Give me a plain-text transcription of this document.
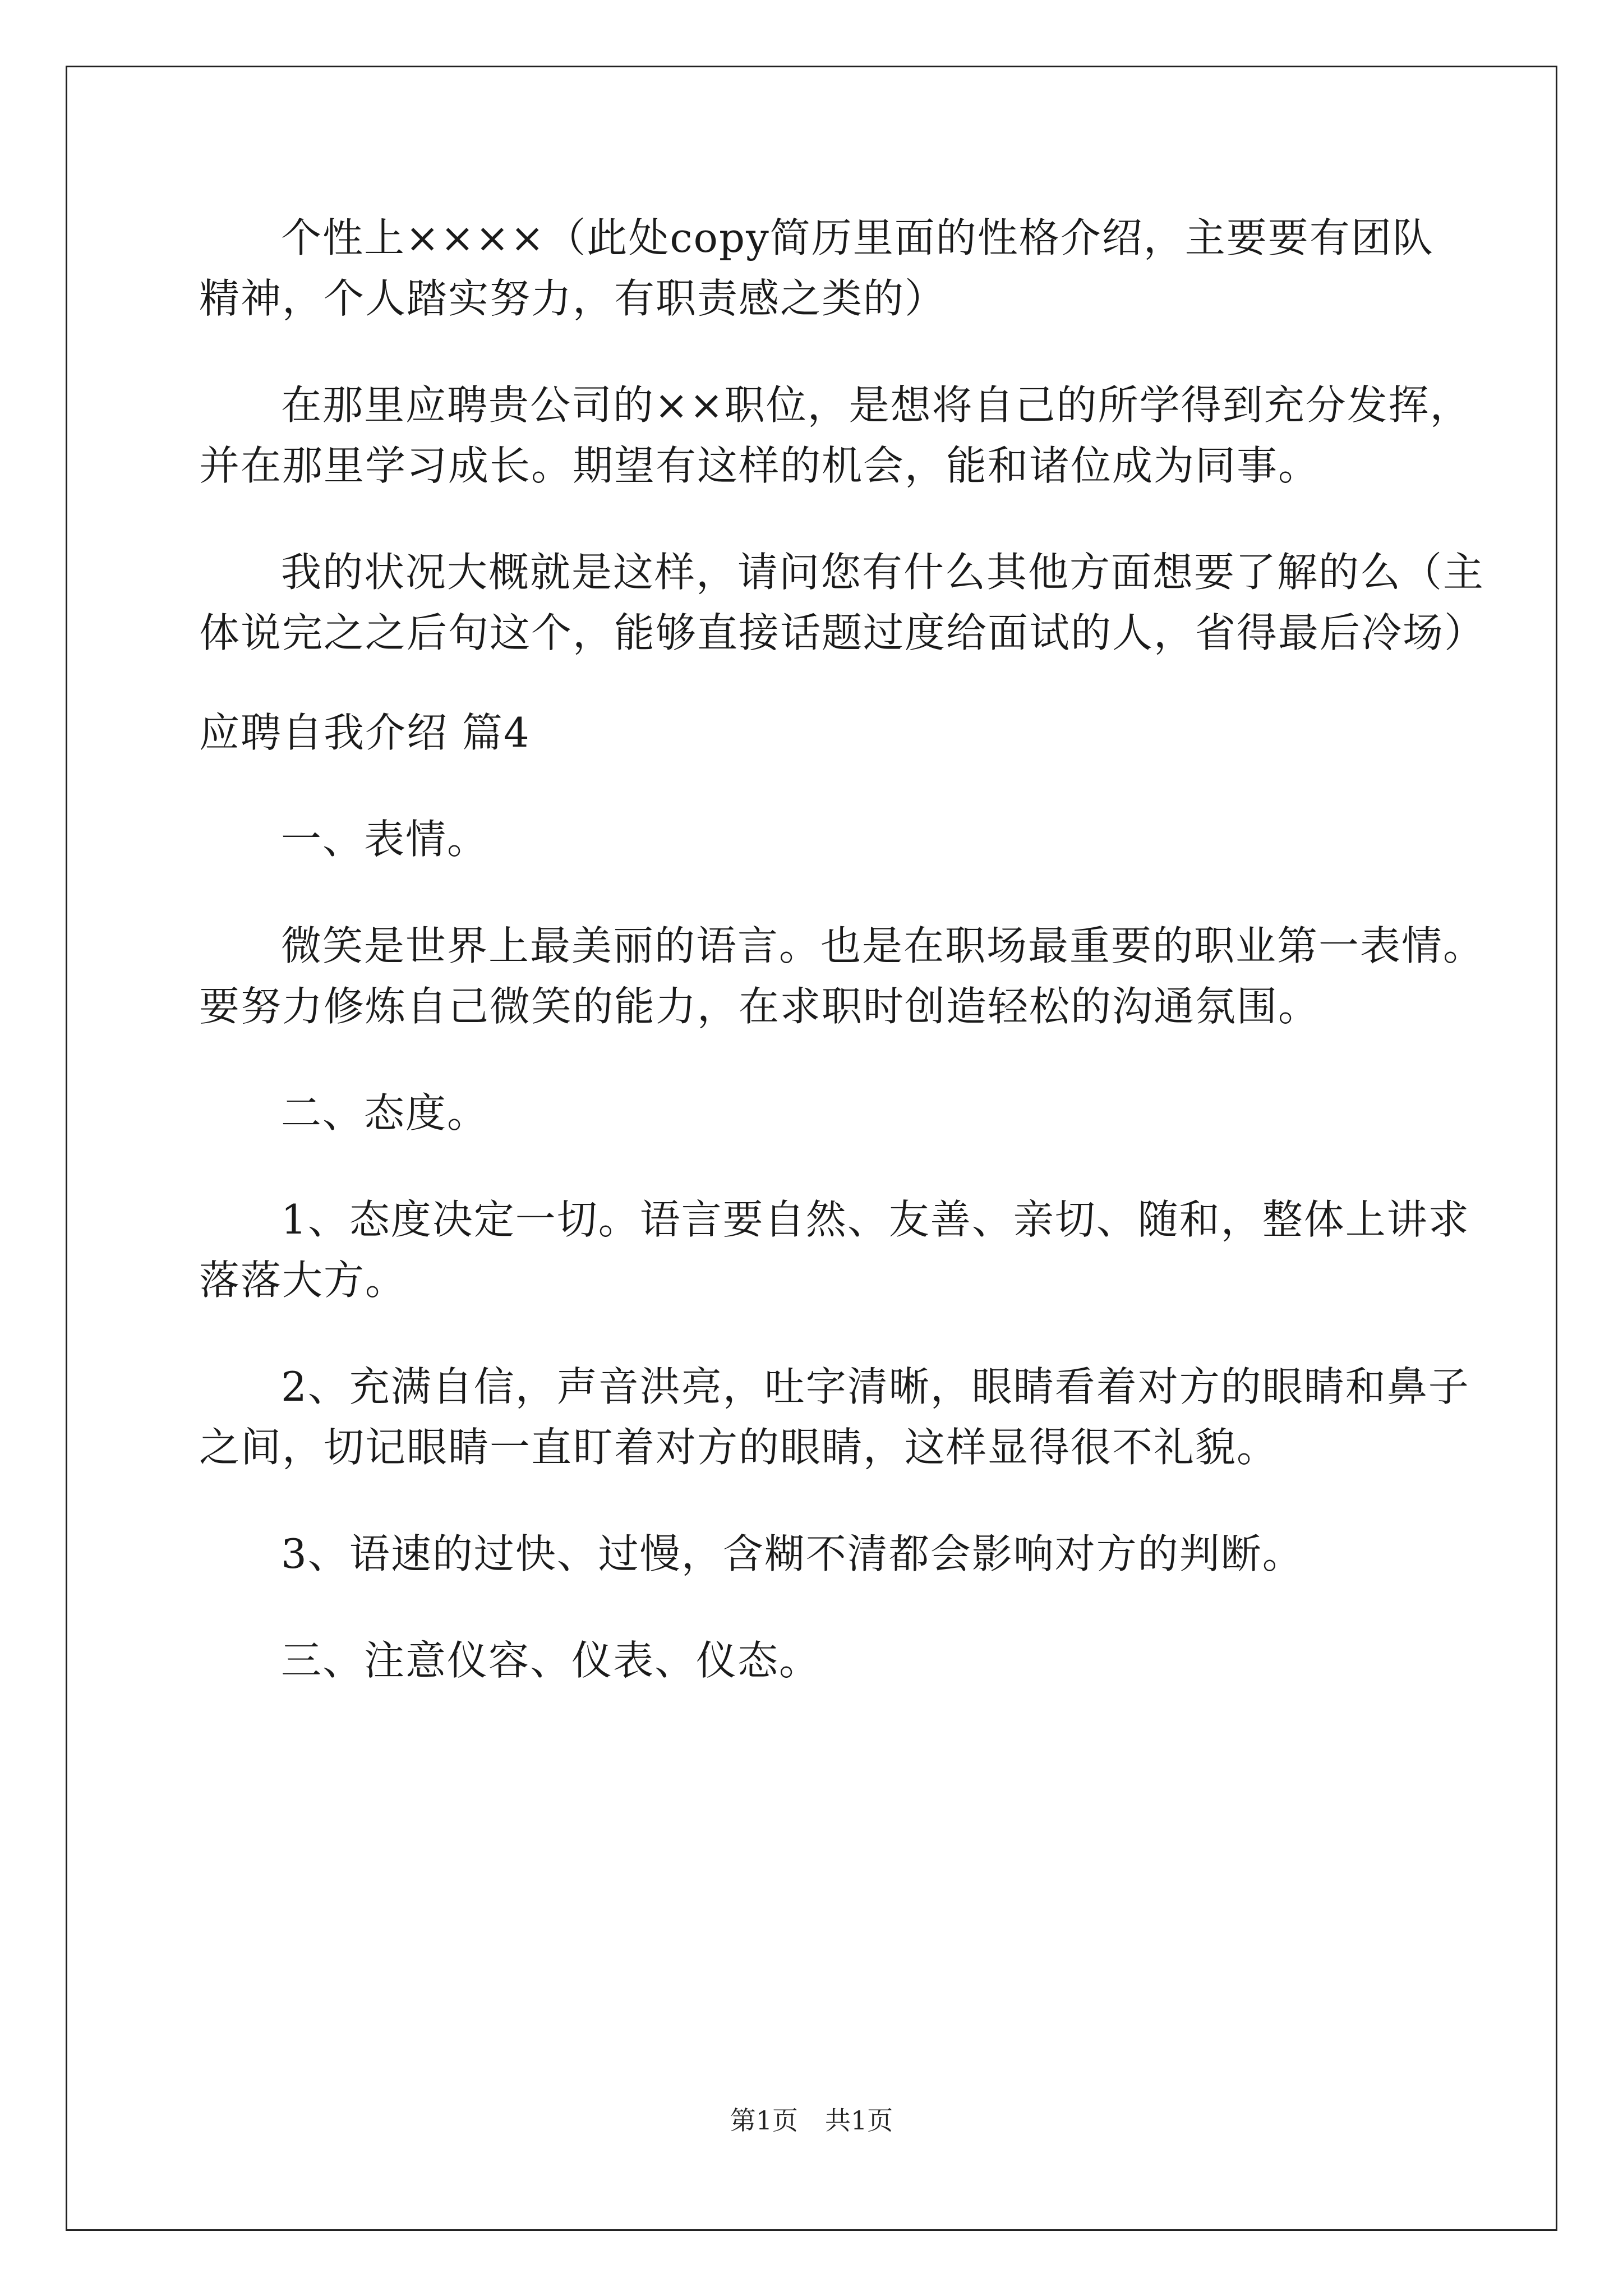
个性上××××（此处copy简历里面的性格介绍，主要要有团队
精神，个人踏实努力，有职责感之类的）
在那里应聘贵公司的××职位，是想将自己的所学得到充分发挥，
并在那里学习成长。期望有这样的机会，能和诸位成为同事。
我的状况大概就是这样，请问您有什么其他方面想要了解的么（主
体说完之之后句这个，能够直接话题过度给面试的人，省得最后冷场）
应聘自我介绍 篇4
一、表情。
微笑是世界上最美丽的语言。也是在职场最重要的职业第一表情。
要努力修炼自己微笑的能力，在求职时创造轻松的沟通氛围。
二、态度。
1、态度决定一切。语言要自然、友善、亲切、随和，整体上讲求
落落大方。
2、充满自信，声音洪亮，吐字清晰，眼睛看着对方的眼睛和鼻子
之间，切记眼睛一直盯着对方的眼睛，这样显得很不礼貌。
3、语速的过快、过慢，含糊不清都会影响对方的判断。
三、注意仪容、仪表、仪态。
第1页 共1页
